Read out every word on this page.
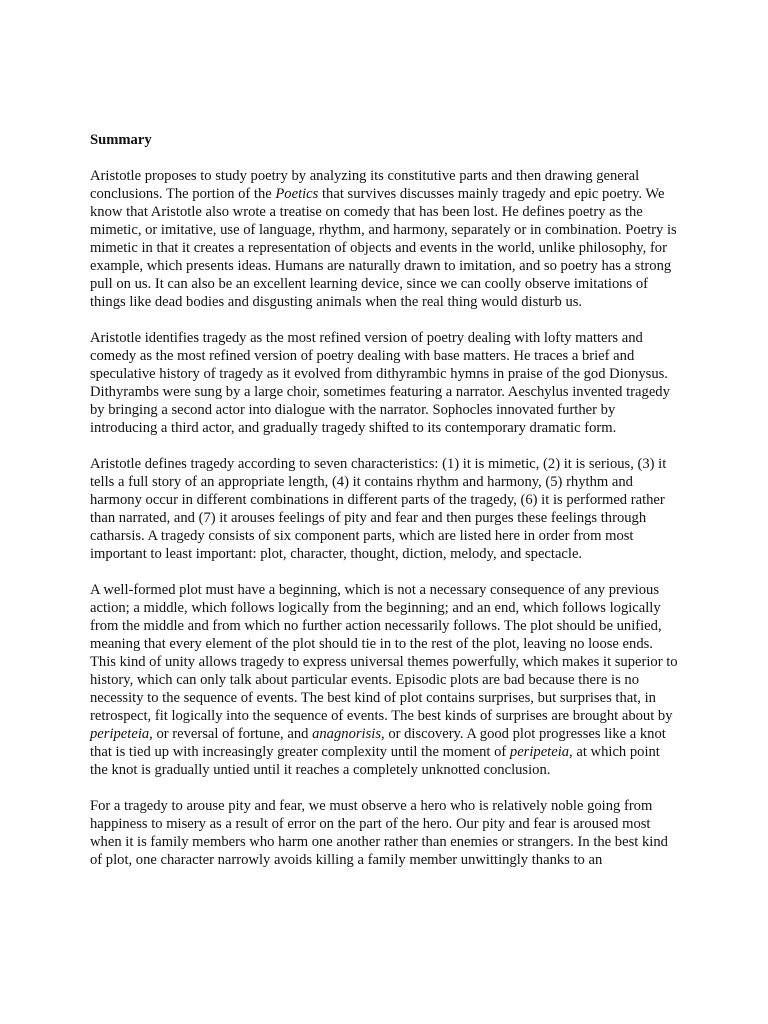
Summary

Aristotle proposes to study poetry by analyzing its constitutive parts and then drawing general conclusions. The portion of the Poetics that survives discusses mainly tragedy and epic poetry. We know that Aristotle also wrote a treatise on comedy that has been lost. He defines poetry as the mimetic, or imitative, use of language, rhythm, and harmony, separately or in combination. Poetry is mimetic in that it creates a representation of objects and events in the world, unlike philosophy, for example, which presents ideas. Humans are naturally drawn to imitation, and so poetry has a strong pull on us. It can also be an excellent learning device, since we can coolly observe imitations of things like dead bodies and disgusting animals when the real thing would disturb us.

Aristotle identifies tragedy as the most refined version of poetry dealing with lofty matters and comedy as the most refined version of poetry dealing with base matters. He traces a brief and speculative history of tragedy as it evolved from dithyrambic hymns in praise of the god Dionysus. Dithyrambs were sung by a large choir, sometimes featuring a narrator. Aeschylus invented tragedy by bringing a second actor into dialogue with the narrator. Sophocles innovated further by introducing a third actor, and gradually tragedy shifted to its contemporary dramatic form.

Aristotle defines tragedy according to seven characteristics: (1) it is mimetic, (2) it is serious, (3) it tells a full story of an appropriate length, (4) it contains rhythm and harmony, (5) rhythm and harmony occur in different combinations in different parts of the tragedy, (6) it is performed rather than narrated, and (7) it arouses feelings of pity and fear and then purges these feelings through catharsis. A tragedy consists of six component parts, which are listed here in order from most important to least important: plot, character, thought, diction, melody, and spectacle.

A well-formed plot must have a beginning, which is not a necessary consequence of any previous action; a middle, which follows logically from the beginning; and an end, which follows logically from the middle and from which no further action necessarily follows. The plot should be unified, meaning that every element of the plot should tie in to the rest of the plot, leaving no loose ends. This kind of unity allows tragedy to express universal themes powerfully, which makes it superior to history, which can only talk about particular events. Episodic plots are bad because there is no necessity to the sequence of events. The best kind of plot contains surprises, but surprises that, in retrospect, fit logically into the sequence of events. The best kinds of surprises are brought about by peripeteia, or reversal of fortune, and anagnorisis, or discovery. A good plot progresses like a knot that is tied up with increasingly greater complexity until the moment of peripeteia, at which point the knot is gradually untied until it reaches a completely unknotted conclusion.

For a tragedy to arouse pity and fear, we must observe a hero who is relatively noble going from happiness to misery as a result of error on the part of the hero. Our pity and fear is aroused most when it is family members who harm one another rather than enemies or strangers. In the best kind of plot, one character narrowly avoids killing a family member unwittingly thanks to an
